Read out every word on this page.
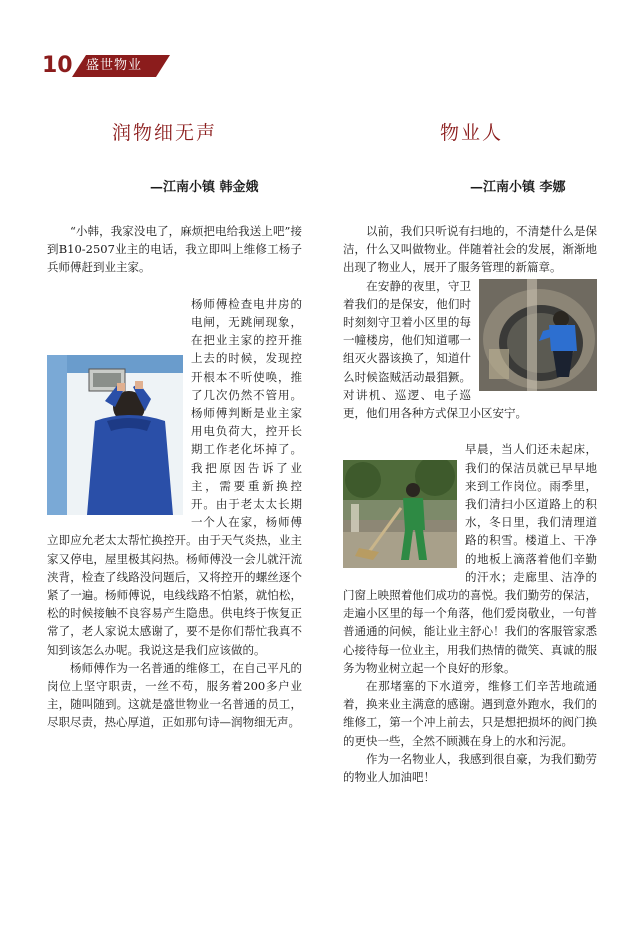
10 盛世物业
润物细无声
—江南小镇 韩金娥

“小韩，我家没电了，麻烦把电给我送上吧”接到B10-2507业主的电话，我立即叫上维修工杨子兵师傅赶到业主家。

杨师傅检查电井房的电闸，无跳闸现象，在把业主家的控开推上去的时候，发现控开根本不听使唤，推了几次仍然不管用。杨师傅判断是业主家用电负荷大，控开长期工作老化坏掉了。我把原因告诉了业主，需要重新换控开。由于老太太长期一个人在家，杨师傅立即应允老太太帮忙换控开。由于天气炎热，业主家又停电，屋里极其闷热。杨师傅没一会儿就汗流浃背，检查了线路没问题后，又将控开的螺丝逐个紧了一遍。杨师傅说，电线线路不怕紧，就怕松，松的时候接触不良容易产生隐患。供电终于恢复正常了，老人家说太感谢了，要不是你们帮忙我真不知到该怎么办呢。我说这是我们应该做的。

杨师傅作为一名普通的维修工，在自己平凡的岗位上坚守职责，一丝不苟，服务着200多户业主，随叫随到。这就是盛世物业一名普通的员工，尽职尽责，热心厚道，正如那句诗—润物细无声。

物业人
—江南小镇 李娜

以前，我们只听说有扫地的，不清楚什么是保洁，什么又叫做物业。伴随着社会的发展，渐渐地出现了物业人，展开了服务管理的新篇章。

在安静的夜里，守卫着我们的是保安，他们时时刻刻守卫着小区里的每一幢楼房，他们知道哪一组灭火器该换了，知道什么时候盗贼活动最猖獗。对讲机、巡逻、电子巡更，他们用各种方式保卫小区安宁。

早晨，当人们还未起床，我们的保洁员就已早早地来到工作岗位。雨季里，我们清扫小区道路上的积水，冬日里，我们清理道路的积雪。楼道上、干净的地板上滴落着他们辛勤的汗水；走廊里、洁净的门窗上映照着他们成功的喜悦。我们勤劳的保洁，走遍小区里的每一个角落，他们爱岗敬业，一句普普通通的问候，能让业主舒心！我们的客服管家悉心接待每一位业主，用我们热情的微笑、真诚的服务为物业树立起一个良好的形象。

在那堵塞的下水道旁，维修工们辛苦地疏通着，换来业主满意的感谢。遇到意外跑水，我们的维修工，第一个冲上前去，只是想把损坏的阀门换的更快一些，全然不顾溅在身上的水和污泥。

作为一名物业人，我感到很自豪，为我们勤劳的物业人加油吧！
